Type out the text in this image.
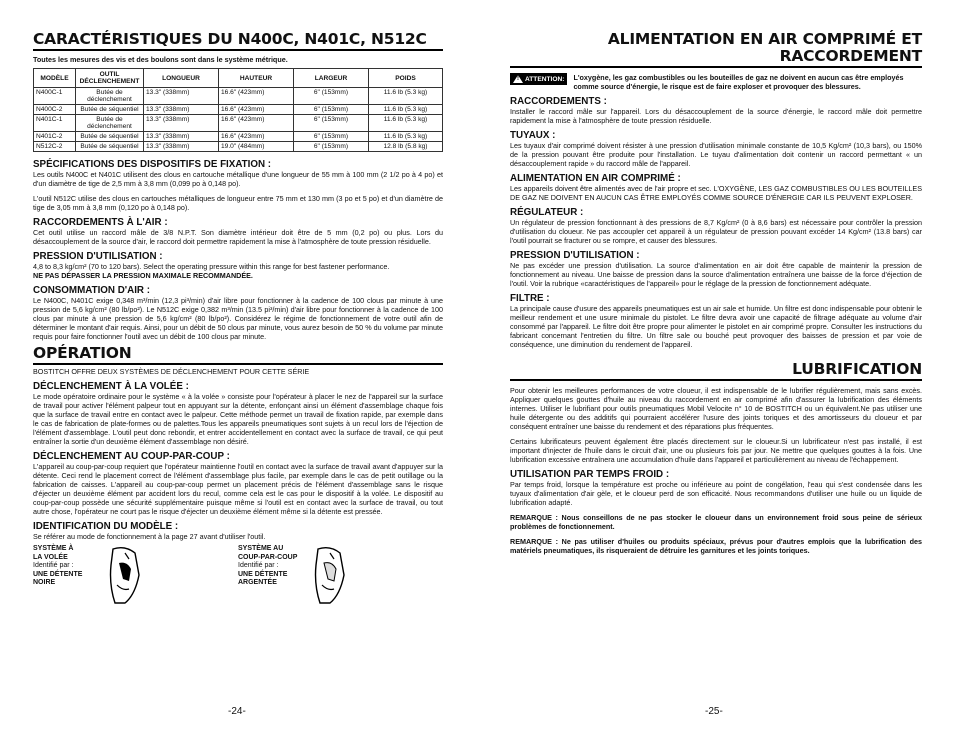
CARACTÉRISTIQUES DU N400C, N401C, N512C
Toutes les mesures des vis et des boulons sont dans le système métrique.
MODÈLE	OUTIL DÉCLENCHEMENT	LONGUEUR	HAUTEUR	LARGEUR	POIDS
N400C-1	Butée de déclenchement	13.3" (338mm)	16.6" (423mm)	6" (153mm)	11.6 lb (5.3 kg)
N400C-2	Butée de séquentiel	13.3" (338mm)	16.6" (423mm)	6" (153mm)	11.6 lb (5.3 kg)
N401C-1	Butée de déclenchement	13.3" (338mm)	16.6" (423mm)	6" (153mm)	11.6 lb (5.3 kg)
N401C-2	Butée de séquentiel	13.3" (338mm)	16.6" (423mm)	6" (153mm)	11.6 lb (5.3 kg)
N512C-2	Butée de séquentiel	13.3" (338mm)	19.0" (484mm)	6" (153mm)	12.8 lb (5.8 kg)
SPÉCIFICATIONS DES DISPOSITIFS DE FIXATION :
Les outils N400C et N401C utilisent des clous en cartouche métallique d'une longueur de 55 mm à 100 mm (2 1/2 po à 4 po) et d'un diamètre de tige de 2,5 mm à 3,8 mm (0,099 po à 0,148 po).
L'outil N512C utilise des clous en cartouches métalliques de longueur entre 75 mm et 130 mm (3 po et 5 po) et d'un diamètre de tige de 3,05 mm à 3,8 mm (0,120 po à 0,148 po).
RACCORDEMENTS À L'AIR :
Cet outil utilise un raccord mâle de 3/8 N.P.T. Son diamètre intérieur doit être de 5 mm (0,2 po) ou plus. Lors du désaccouplement de la source d'air, le raccord doit permettre rapidement la mise à l'atmosphère de toute pression résiduelle.
PRESSION D'UTILISATION :
4,8 to 8,3 kg/cm² (70 to 120 bars). Select the operating pressure within this range for best fastener performance.
NE PAS DÉPASSER LA PRESSION MAXIMALE RECOMMANDÉE.
CONSOMMATION D'AIR :
Le N400C, N401C exige 0,348 m³/min (12,3 pi³/min) d'air libre pour fonctionner à la cadence de 100 clous par minute à une pression de 5,6 kg/cm² (80 lb/po²). Le N512C exige 0,382 m³/min (13.5 pi³/min) d'air libre pour fonctionner à la cadence de 100 clous par minute à une pression de 5,6 kg/cm² (80 lb/po²). Considérez le régime de fonctionnement de votre outil afin de déterminer le montant d'air requis. Ainsi, pour un débit de 50 clous par minute, vous aurez besoin de 50 % du volume par minute requis pour faire fonctionner l'outil avec un débit de 100 clous par minute.
OPÉRATION
BOSTITCH OFFRE DEUX SYSTÈMES DE DÉCLENCHEMENT POUR CETTE SÉRIE
DÉCLENCHEMENT À LA VOLÉE :
Le mode opératoire ordinaire pour le système « à la volée » consiste pour l'opérateur à placer le nez de l'appareil sur la surface de travail pour activer l'élément palpeur tout en appuyant sur la détente, enfonçant ainsi un élément d'assemblage chaque fois que la surface de travail entre en contact avec le palpeur. Cette méthode permet un travail de fixation rapide, par exemple dans le cas de fabrication de plate-formes ou de palettes.Tous les appareils pneumatiques sont sujets à un recul lors de l'éjection de l'élément d'assemblage. L'outil peut donc rebondir, et entrer accidentellement en contact avec la surface de travail, ce qui peut entraîner la sortie d'un deuxième élément d'assemblage non désiré.
DÉCLENCHEMENT AU COUP-PAR-COUP :
L'appareil au coup-par-coup requiert que l'opérateur maintienne l'outil en contact avec la surface de travail avant d'appuyer sur la détente. Ceci rend le placement correct de l'élément d'assemblage plus facile, par exemple dans le cas de petit outillage ou la fabrication de caisses. L'appareil au coup-par-coup permet un placement précis de l'élément d'assemblage sans le risque d'éjecter un deuxième élément par accident lors du recul, comme cela est le cas pour le dispositif à la volée. Le dispositif au coup-par-coup possède une sécurité supplémentaire puisque même si l'outil est en contact avec la surface de travail, ou tout autre chose, l'opérateur ne court pas le risque d'éjecter un deuxième élément même si la détente est pressée.
IDENTIFICATION DU MODÈLE :
Se référer au mode de fonctionnement à la page 27 avant d'utiliser l'outil.
SYSTÈME À
LA VOLÉE
Identifié par :
UNE DÉTENTE
NOIRE
SYSTÈME AU
COUP-PAR-COUP
Identifié par :
UNE DÉTENTE
ARGENTÉE
-24-
ALIMENTATION EN AIR COMPRIMÉ ET RACCORDEMENT
! ATTENTION: L'oxygène, les gaz combustibles ou les bouteilles de gaz ne doivent en aucun cas être employés comme source d'énergie, le risque est de faire exploser et provoquer des blessures.
RACCORDEMENTS :
Installer le raccord mâle sur l'appareil. Lors du désaccouplement de la source d'énergie, le raccord mâle doit permettre rapidement la mise à l'atmosphère de toute pression résiduelle.
TUYAUX :
Les tuyaux d'air comprimé doivent résister à une pression d'utilisation minimale constante de 10,5 Kg/cm² (10,3 bars), ou 150% de la pression pouvant être produite pour l'installation. Le tuyau d'alimentation doit contenir un raccord permettant « un désaccouplement rapide » du raccord mâle de l'appareil.
ALIMENTATION EN AIR COMPRIMÉ :
Les appareils doivent être alimentés avec de l'air propre et sec. L'OXYGÈNE, LES GAZ COMBUSTIBLES OU LES BOUTEILLES DE GAZ NE DOIVENT EN AUCUN CAS ÊTRE EMPLOYÉS COMME SOURCE D'ÉNERGIE CAR ILS PEUVENT EXPLOSER.
RÉGULATEUR :
Un régulateur de pression fonctionnant à des pressions de 8,7 Kg/cm² (0 à 8,6 bars) est nécessaire pour contrôler la pression d'utilisation du cloueur. Ne pas accoupler cet appareil à un régulateur de pression pouvant excéder 14 Kg/cm² (13.8 bars) car l'outil pourrait se fracturer ou se rompre, et causer des blessures.
PRESSION D'UTILISATION :
Ne pas excéder une pression d'utilisation. La source d'alimentation en air doit être capable de maintenir la pression de fonctionnement au niveau. Une baisse de pression dans la source d'alimentation entraînera une baisse de la force d'éjection de l'outil. Voir la rubrique «caractéristiques de l'appareil» pour le réglage de la pression de fonctionnement adéquate.
FILTRE :
La principale cause d'usure des appareils pneumatiques est un air sale et humide. Un filtre est donc indispensable pour obtenir le meilleur rendement et une usure minimale du pistolet. Le filtre devra avoir une capacité de filtrage adéquate au volume d'air consommé par l'appareil. Le filtre doit être propre pour alimenter le pistolet en air comprimé propre. Consulter les instructions du fabricant concernant l'entretien du filtre. Un filtre sale ou bouché peut provoquer des baisses de pression et par voie de conséquence, une diminution du rendement de l'appareil.
LUBRIFICATION
Pour obtenir les meilleures performances de votre cloueur, il est indispensable de le lubrifier régulièrement, mais sans excès. Appliquer quelques gouttes d'huile au niveau du raccordement en air comprimé afin d'assurer la lubrification des éléments internes. Utiliser le lubrifiant pour outils pneumatiques Mobil Velocite n° 10 de BOSTITCH ou un équivalent.Ne pas utiliser une huile détergente ou des additifs qui pourraient accélérer l'usure des joints toriques et des amortisseurs du cloueur et par conséquent entraîner une baisse du rendement et des réparations plus fréquentes.
Certains lubrificateurs peuvent également être placés directement sur le cloueur.Si un lubrificateur n'est pas installé, il est important d'injecter de l'huile dans le circuit d'air, une ou plusieurs fois par jour. Ne mettre que quelques gouttes à la fois. Une lubrification excessive entraînera une accumulation d'huile dans l'appareil et particulièrement au niveau de l'échappement.
UTILISATION PAR TEMPS FROID :
Par temps froid, lorsque la température est proche ou inférieure au point de congélation, l'eau qui s'est condensée dans les tuyaux d'alimentation d'air gèle, et le cloueur perd de son efficacité. Nous recommandons d'utiliser une huile ou un liquide de lubrification adapté.
REMARQUE : Nous conseillons de ne pas stocker le cloueur dans un environnement froid sous peine de sérieux problèmes de fonctionnement.
REMARQUE : Ne pas utiliser d'huiles ou produits spéciaux, prévus pour d'autres emplois que la lubrification des matériels pneumatiques, ils risqueraient de détruire les garnitures et les joints toriques.
-25-
